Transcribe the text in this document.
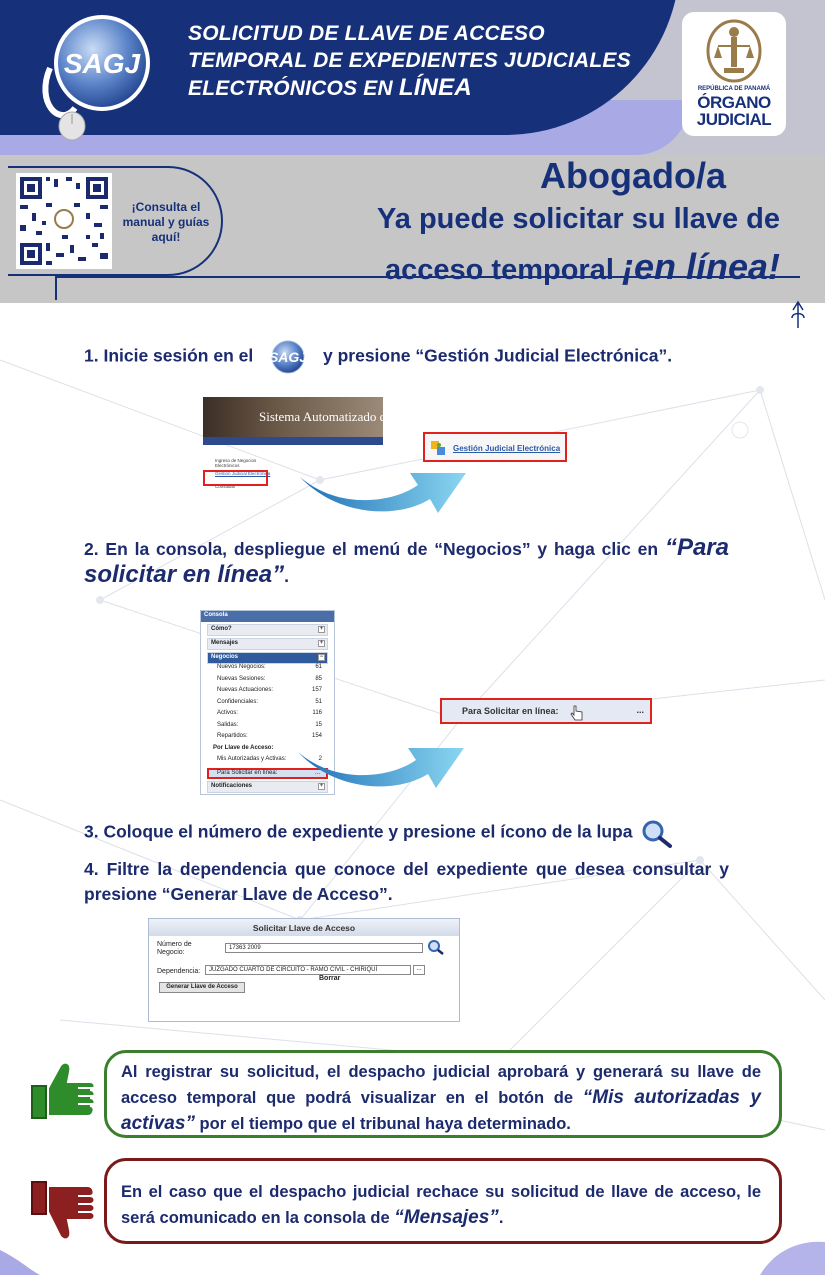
SOLICITUD DE LLAVE DE ACCESO
TEMPORAL DE EXPEDIENTES JUDICIALES
ELECTRÓNICOS EN LÍNEA
SAGJ
REPÚBLICA DE PANAMÁ
ÓRGANO
JUDICIAL
¡Consulta el manual y guías aquí!
Abogado/a
Ya puede solicitar su llave de
acceso temporal ¡en línea!
1. Inicie sesión en el SAGJ y presione “Gestión Judicial Electrónica”.
Sistema Automatizado de G
Ingreso de Negocios Electrónicos
Gestión Judicial Electrónica
Consultas
Gestión Judicial Electrónica
2. En la consola, despliegue el menú de “Negocios” y haga clic en “Para solicitar en línea”.
Consola
Cómo?	+
Mensajes	+
Negocios	−
Nuevos Negocios:	61
Nuevas Sesiones:	85
Nuevas Actuaciones:	157
Confidenciales:	51
Activos:	116
Salidas:	15
Repartidos:	154
Por Llave de Acceso:
Mis Autorizadas y Activas:	2
Para Solicitar en línea:	...
Notificaciones	+
Para Solicitar en línea:	...
3. Coloque el número de expediente y presione el ícono de la lupa
4. Filtre la dependencia que conoce del expediente que desea consultar y presione “Generar Llave de Acceso”.
Solicitar Llave de Acceso
Número de Negocio:
17363 2009
Dependencia:	JUZGADO CUARTO DE CIRCUITO - RAMO CIVIL - CHIRIQUÍ	...
Borrar
Generar Llave de Acceso
Al registrar su solicitud, el despacho judicial aprobará y generará su llave de acceso temporal que podrá visualizar en el botón de “Mis autorizadas y activas” por el tiempo que el tribunal haya determinado.
En el caso que el despacho judicial rechace su solicitud de llave de acceso, le será comunicado en la consola de “Mensajes”.
